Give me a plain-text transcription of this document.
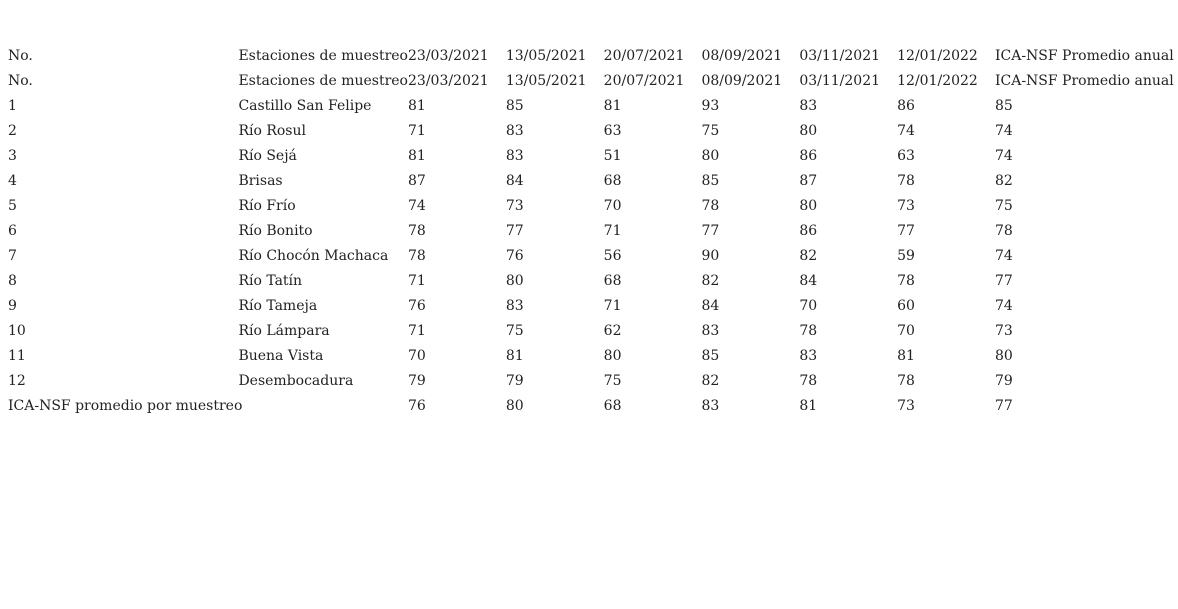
No.	Estaciones de muestreo	23/03/2021	13/05/2021	20/07/2021	08/09/2021	03/11/2021	12/01/2022	ICA-NSF Promedio anual
No.	Estaciones de muestreo	23/03/2021	13/05/2021	20/07/2021	08/09/2021	03/11/2021	12/01/2022	ICA-NSF Promedio anual
1	Castillo San Felipe	81	85	81	93	83	86	85
2	Río Rosul	71	83	63	75	80	74	74
3	Río Sejá	81	83	51	80	86	63	74
4	Brisas	87	84	68	85	87	78	82
5	Río Frío	74	73	70	78	80	73	75
6	Río Bonito	78	77	71	77	86	77	78
7	Río Chocón Machaca	78	76	56	90	82	59	74
8	Río Tatín	71	80	68	82	84	78	77
9	Río Tameja	76	83	71	84	70	60	74
10	Río Lámpara	71	75	62	83	78	70	73
11	Buena Vista	70	81	80	85	83	81	80
12	Desembocadura	79	79	75	82	78	78	79
ICA-NSF promedio por muestreo		76	80	68	83	81	73	77
